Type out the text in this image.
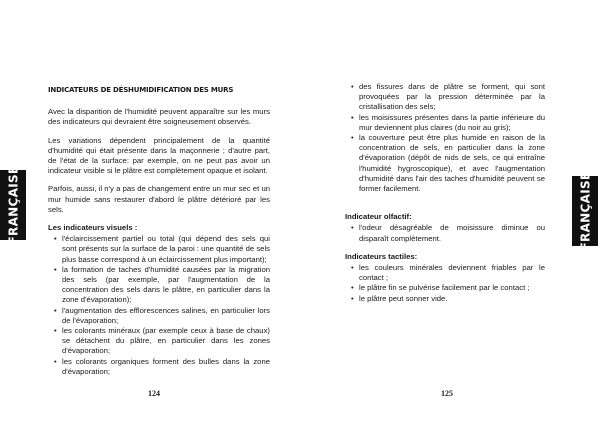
FRANÇAISE	FRANÇAISE
INDICATEURS DE DÉSHUMIDIFICATION DES MURS

Avec la disparition de l'humidité peuvent apparaître sur les murs des indicateurs qui devraient être soigneusement observés.

Les variations dépendent principalement de la quantité d'humidité qui était présente dans la maçonnerie ; d'autre part, de l'état de la surface: par exemple, on ne peut pas avoir un indicateur visible si le plâtre est complètement opaque et isolant.

Parfois, aussi, il n'y a pas de changement entre un mur sec et un mur humide sans restaurer d'abord le plâtre détérioré par les sels.

Les indicateurs visuels :
• l'éclaircissement partiel ou total (qui dépend des sels qui sont présents sur la surface de la paroi : une quantité de sels plus basse correspond à un éclaircissement plus important);
• la formation de taches d'humidité causées par la migration des sels (par exemple, par l'augmentation de la concentration des sels dans le plâtre, en particulier dans la zone d'évaporation);
• l'augmentation des efflorescences salines, en particulier lors de l'évaporation;
• les colorants minéraux (par exemple ceux à base de chaux) se détachent du plâtre, en particulier dans les zones d'évaporation;
• les colorants organiques forment des bulles dans la zone d'évaporation;
124
• des fissures dans de plâtre se forment, qui sont provoquées par la pression déterminée par la cristallisation des sels;
• les moisissures présentes dans la partie inférieure du mur deviennent plus claires (du noir au gris);
• la couverture peut être plus humide en raison de la concentration de sels, en particulier dans la zone d'évaporation (dépôt de nids de sels, ce qui entraîne l'humidité hygroscopique), et avec l'augmentation d'humidité dans l'air des taches d'humidité peuvent se former facilement.
Indicateur olfactif:
• l'odeur désagréable de moisissure diminue ou disparaît complètement.
Indicateurs tactiles:
• les couleurs minérales deviennent friables par le contact ;
• le plâtre fin se pulvérise facilement par le contact ;
• le plâtre peut sonner vide.
125
